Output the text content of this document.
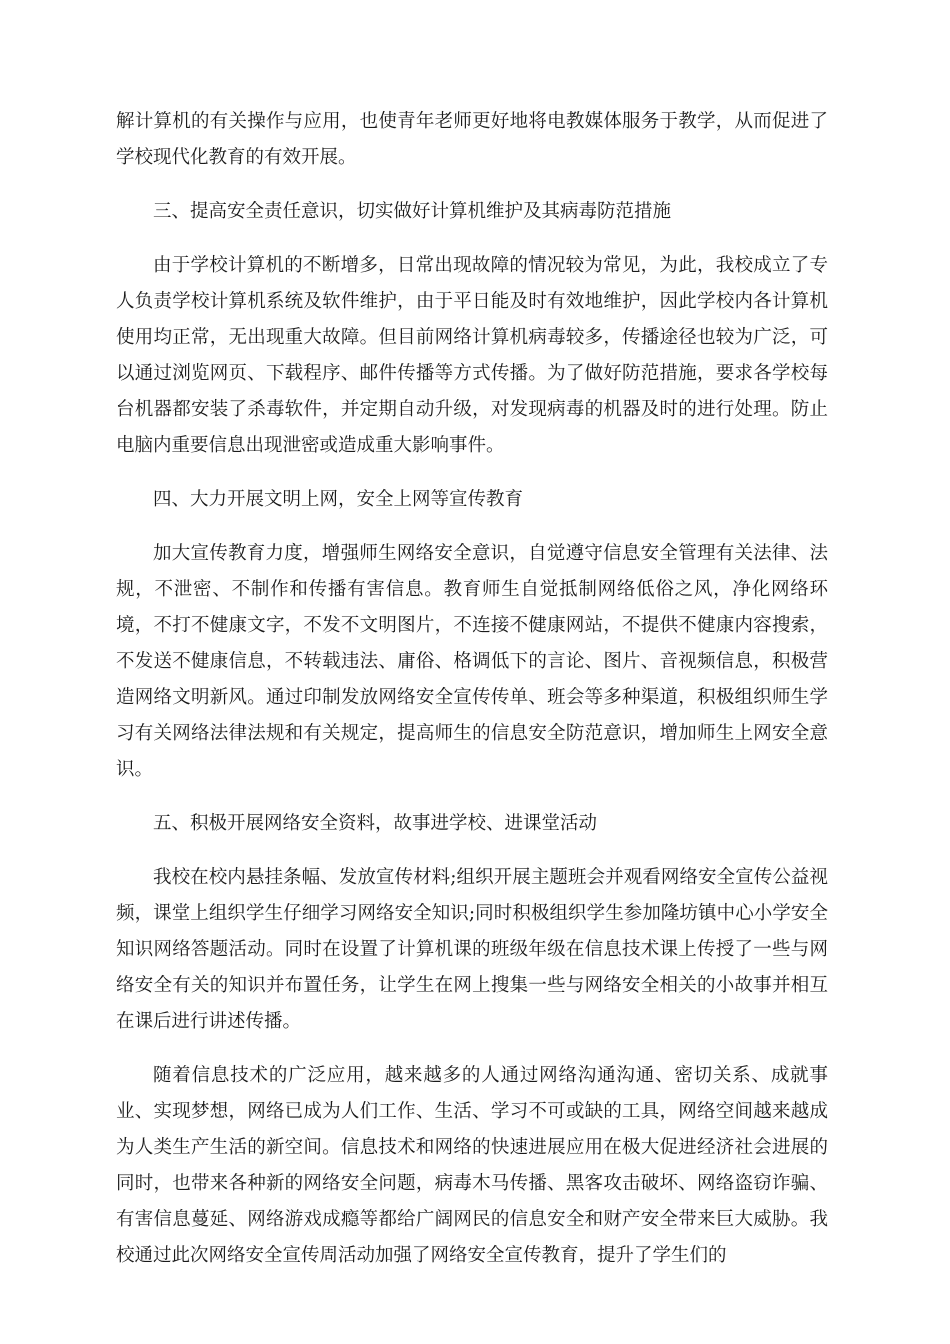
解计算机的有关操作与应用，也使青年老师更好地将电教媒体服务于教学，从而促进了学校现代化教育的有效开展。

三、提高安全责任意识，切实做好计算机维护及其病毒防范措施

由于学校计算机的不断增多，日常出现故障的情况较为常见，为此，我校成立了专人负责学校计算机系统及软件维护，由于平日能及时有效地维护，因此学校内各计算机使用均正常，无出现重大故障。但目前网络计算机病毒较多，传播途径也较为广泛，可以通过浏览网页、下载程序、邮件传播等方式传播。为了做好防范措施，要求各学校每台机器都安装了杀毒软件，并定期自动升级，对发现病毒的机器及时的进行处理。防止电脑内重要信息出现泄密或造成重大影响事件。

四、大力开展文明上网，安全上网等宣传教育

加大宣传教育力度，增强师生网络安全意识，自觉遵守信息安全管理有关法律、法规，不泄密、不制作和传播有害信息。教育师生自觉抵制网络低俗之风，净化网络环境，不打不健康文字，不发不文明图片，不连接不健康网站，不提供不健康内容搜索，不发送不健康信息，不转载违法、庸俗、格调低下的言论、图片、音视频信息，积极营造网络文明新风。通过印制发放网络安全宣传传单、班会等多种渠道，积极组织师生学习有关网络法律法规和有关规定，提高师生的信息安全防范意识，增加师生上网安全意识。

五、积极开展网络安全资料，故事进学校、进课堂活动

我校在校内悬挂条幅、发放宣传材料;组织开展主题班会并观看网络安全宣传公益视频，课堂上组织学生仔细学习网络安全知识;同时积极组织学生参加隆坊镇中心小学安全知识网络答题活动。同时在设置了计算机课的班级年级在信息技术课上传授了一些与网络安全有关的知识并布置任务，让学生在网上搜集一些与网络安全相关的小故事并相互在课后进行讲述传播。

随着信息技术的广泛应用，越来越多的人通过网络沟通沟通、密切关系、成就事业、实现梦想，网络已成为人们工作、生活、学习不可或缺的工具，网络空间越来越成为人类生产生活的新空间。信息技术和网络的快速进展应用在极大促进经济社会进展的同时，也带来各种新的网络安全问题，病毒木马传播、黑客攻击破坏、网络盗窃诈骗、有害信息蔓延、网络游戏成瘾等都给广阔网民的信息安全和财产安全带来巨大威胁。我校通过此次网络安全宣传周活动加强了网络安全宣传教育，提升了学生们的
